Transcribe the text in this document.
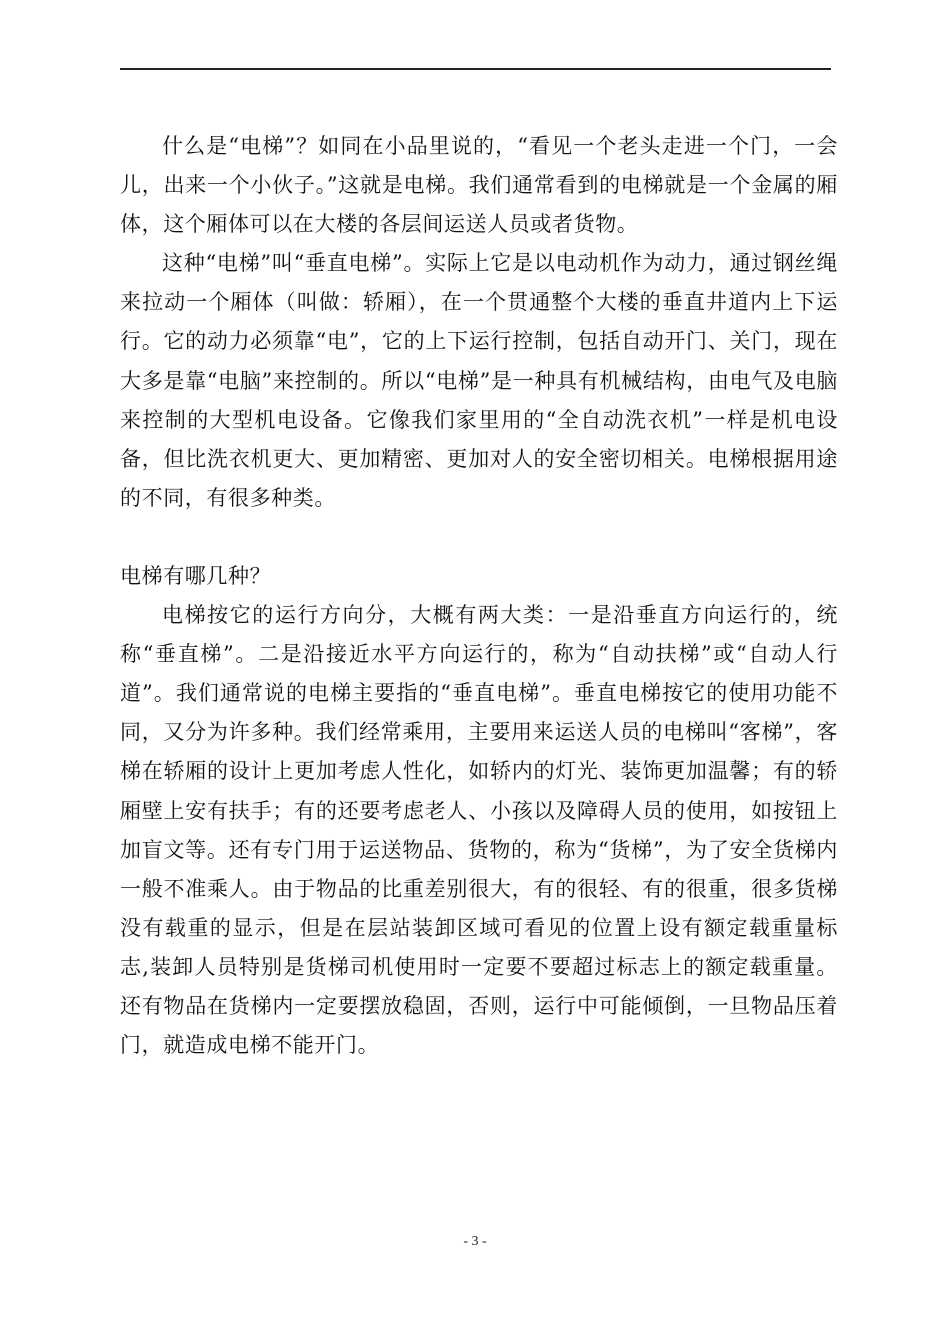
什么是“电梯”？如同在小品里说的，“看见一个老头走进一个门，一会儿，出来一个小伙子。”这就是电梯。我们通常看到的电梯就是一个金属的厢体，这个厢体可以在大楼的各层间运送人员或者货物。

这种“电梯”叫“垂直电梯”。实际上它是以电动机作为动力，通过钢丝绳来拉动一个厢体（叫做：轿厢），在一个贯通整个大楼的垂直井道内上下运行。它的动力必须靠“电”，它的上下运行控制，包括自动开门、关门，现在大多是靠“电脑”来控制的。所以“电梯”是一种具有机械结构，由电气及电脑来控制的大型机电设备。它像我们家里用的“全自动洗衣机”一样是机电设备，但比洗衣机更大、更加精密、更加对人的安全密切相关。电梯根据用途的不同，有很多种类。

电梯有哪几种？

电梯按它的运行方向分，大概有两大类：一是沿垂直方向运行的，统称“垂直梯”。二是沿接近水平方向运行的，称为“自动扶梯”或“自动人行道”。我们通常说的电梯主要指的“垂直电梯”。垂直电梯按它的使用功能不同，又分为许多种。我们经常乘用，主要用来运送人员的电梯叫“客梯”，客梯在轿厢的设计上更加考虑人性化，如轿内的灯光、装饰更加温馨；有的轿厢壁上安有扶手；有的还要考虑老人、小孩以及障碍人员的使用，如按钮上加盲文等。还有专门用于运送物品、货物的，称为“货梯”，为了安全货梯内一般不准乘人。由于物品的比重差别很大，有的很轻、有的很重，很多货梯没有载重的显示，但是在层站装卸区域可看见的位置上设有额定载重量标志,装卸人员特别是货梯司机使用时一定要不要超过标志上的额定载重量。还有物品在货梯内一定要摆放稳固，否则，运行中可能倾倒，一旦物品压着门，就造成电梯不能开门。

- 3 -
